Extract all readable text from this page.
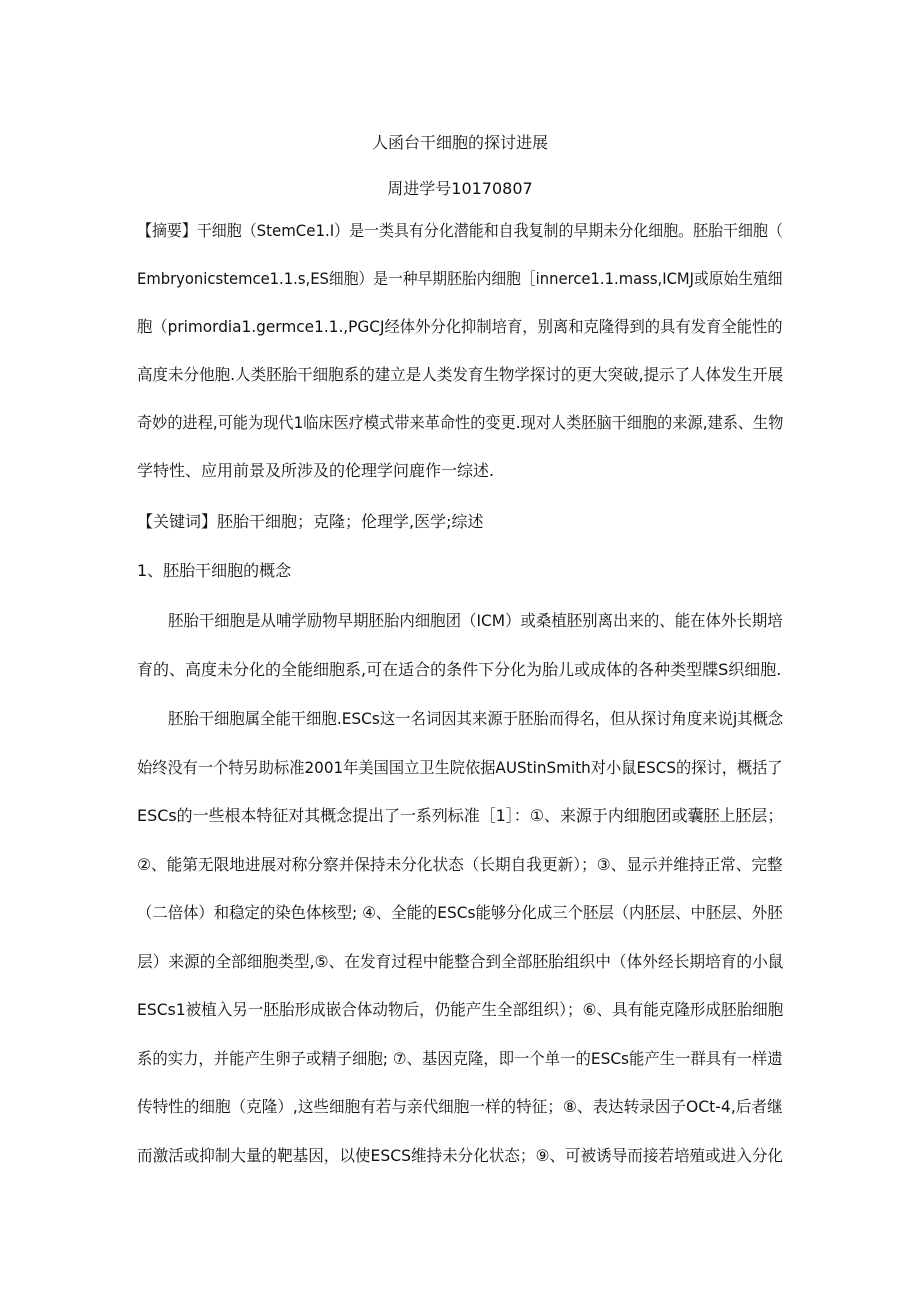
人函台干细胞的探讨进展
周进学号10170807
【摘要】干细胞（StemCe1.I）是一类具有分化潜能和自我复制的早期未分化细胞。胚胎干细胞（
Embryonicstemce1.1.s,ES细胞）是一种早期胚胎内细胞［innerce1.1.mass,ICMJ或原始生殖细
胞（primordia1.germce1.1.,PGCJ经体外分化抑制培育，别离和克隆得到的具有发育全能性的
高度未分他胞.人类胚胎干细胞系的建立是人类发育生物学探讨的更大突破,提示了人体发生开展
奇妙的进程,可能为现代1临床医疗模式带来革命性的变更.现对人类胚脑干细胞的来源,建系、生物
学特性、应用前景及所涉及的伦理学问鹿作一综述.
【关键词】胚胎干细胞；克隆；伦理学,医学;综述
1、胚胎干细胞的概念
胚胎干细胞是从哺学励物早期胚胎内细胞团（ICM）或桑植胚别离出来的、能在体外长期培
育的、高度未分化的全能细胞系,可在适合的条件下分化为胎儿或成体的各种类型牒S织细胞.
胚胎干细胞属全能干细胞.ESCs这一名词因其来源于胚胎而得名，但从探讨角度来说j其概念
始终没有一个特另助标准2001年美国国立卫生院依据AUStinSmith对小鼠ESCS的探讨，概括了
ESCs的一些根本特征对其概念提出了一系列标准［1］：①、来源于内细胞团或囊胚上胚层；
②、能第无限地进展对称分察并保持未分化状态（长期自我更新）；③、显示并维持正常、完整
（二倍体）和稳定的染色体核型; ④、全能的ESCs能够分化成三个胚层（内胚层、中胚层、外胚
层）来源的全部细胞类型,⑤、在发育过程中能整合到全部胚胎组织中（体外经长期培育的小鼠
ESCs1被植入另一胚胎形成嵌合体动物后，仍能产生全部组织）；⑥、具有能克隆形成胚胎细胞
系的实力，并能产生卵子或精子细胞; ⑦、基因克隆，即一个单一的ESCs能产生一群具有一样遗
传特性的细胞（克隆）,这些细胞有若与亲代细胞一样的特征；⑧、表达转录因子OCt-4,后者继
而激活或抑制大量的靶基因，以使ESCS维持未分化状态；⑨、可被诱导而接若培殖或进入分化
